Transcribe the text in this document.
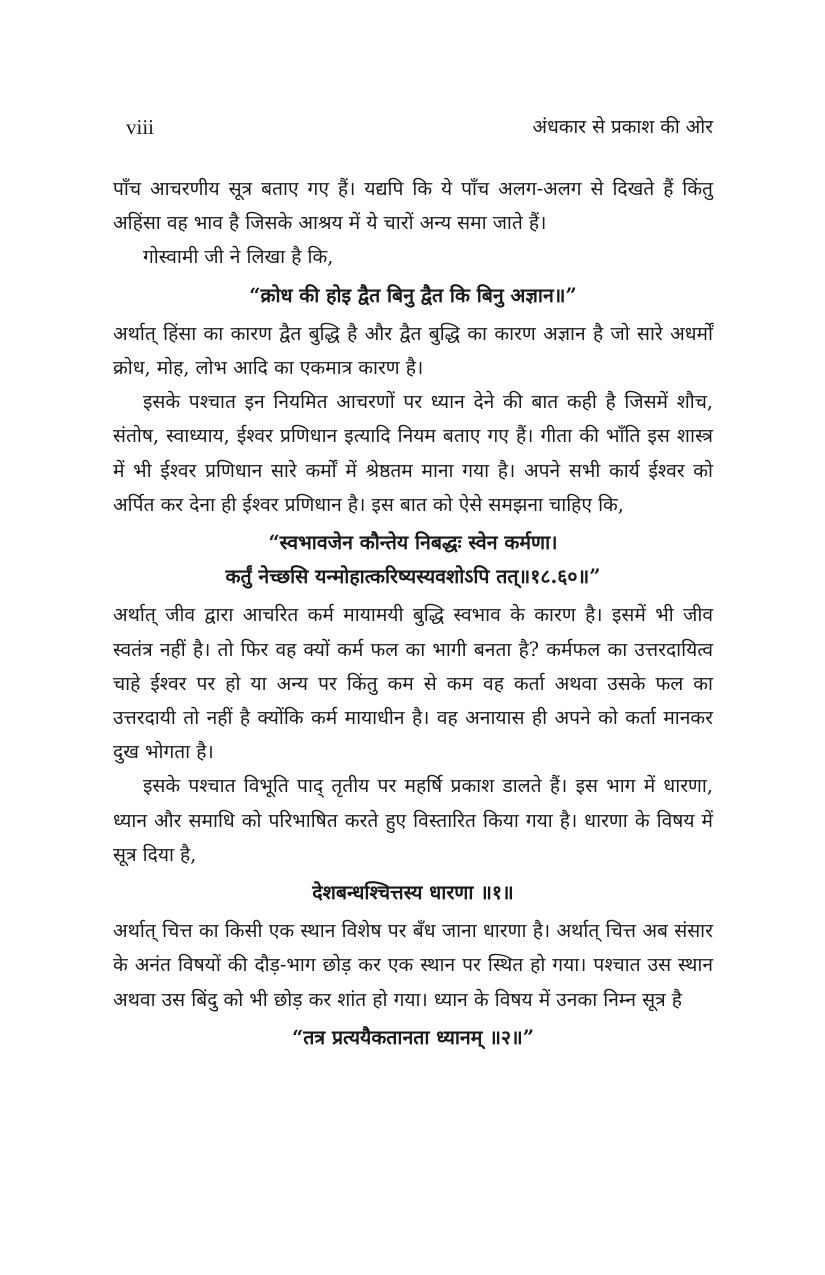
viii	अंधकार से प्रकाश की ओर

पाँच आचरणीय सूत्र बताए गए हैं। यद्यपि कि ये पाँच अलग-अलग से दिखते हैं किंतु अहिंसा वह भाव है जिसके आश्रय में ये चारों अन्य समा जाते हैं।

गोस्वामी जी ने लिखा है कि,

“क्रोध की होइ द्वैत बिनु द्वैत कि बिनु अज्ञान॥”

अर्थात् हिंसा का कारण द्वैत बुद्धि है और द्वैत बुद्धि का कारण अज्ञान है जो सारे अधर्मों क्रोध, मोह, लोभ आदि का एकमात्र कारण है।

इसके पश्चात इन नियमित आचरणों पर ध्यान देने की बात कही है जिसमें शौच, संतोष, स्वाध्याय, ईश्वर प्रणिधान इत्यादि नियम बताए गए हैं। गीता की भाँति इस शास्त्र में भी ईश्वर प्रणिधान सारे कर्मों में श्रेष्ठतम माना गया है। अपने सभी कार्य ईश्वर को अर्पित कर देना ही ईश्वर प्रणिधान है। इस बात को ऐसे समझना चाहिए कि,

“स्वभावजेन कौन्तेय निबद्धः स्वेन कर्मणा।
कर्तुं नेच्छसि यन्मोहात्करिष्यस्यवशोऽपि तत्॥१८.६०॥”

अर्थात् जीव द्वारा आचरित कर्म मायामयी बुद्धि स्वभाव के कारण है। इसमें भी जीव स्वतंत्र नहीं है। तो फिर वह क्यों कर्म फल का भागी बनता है? कर्मफल का उत्तरदायित्व चाहे ईश्वर पर हो या अन्य पर किंतु कम से कम वह कर्ता अथवा उसके फल का उत्तरदायी तो नहीं है क्योंकि कर्म मायाधीन है। वह अनायास ही अपने को कर्ता मानकर दुख भोगता है।

इसके पश्चात विभूति पाद् तृतीय पर महर्षि प्रकाश डालते हैं। इस भाग में धारणा, ध्यान और समाधि को परिभाषित करते हुए विस्तारित किया गया है। धारणा के विषय में सूत्र दिया है,

देशबन्धश्चित्तस्य धारणा ॥१॥

अर्थात् चित्त का किसी एक स्थान विशेष पर बँध जाना धारणा है। अर्थात् चित्त अब संसार के अनंत विषयों की दौड़-भाग छोड़ कर एक स्थान पर स्थित हो गया। पश्चात उस स्थान अथवा उस बिंदु को भी छोड़ कर शांत हो गया। ध्यान के विषय में उनका निम्न सूत्र है

“तत्र प्रत्ययैकतानता ध्यानम् ॥२॥”
